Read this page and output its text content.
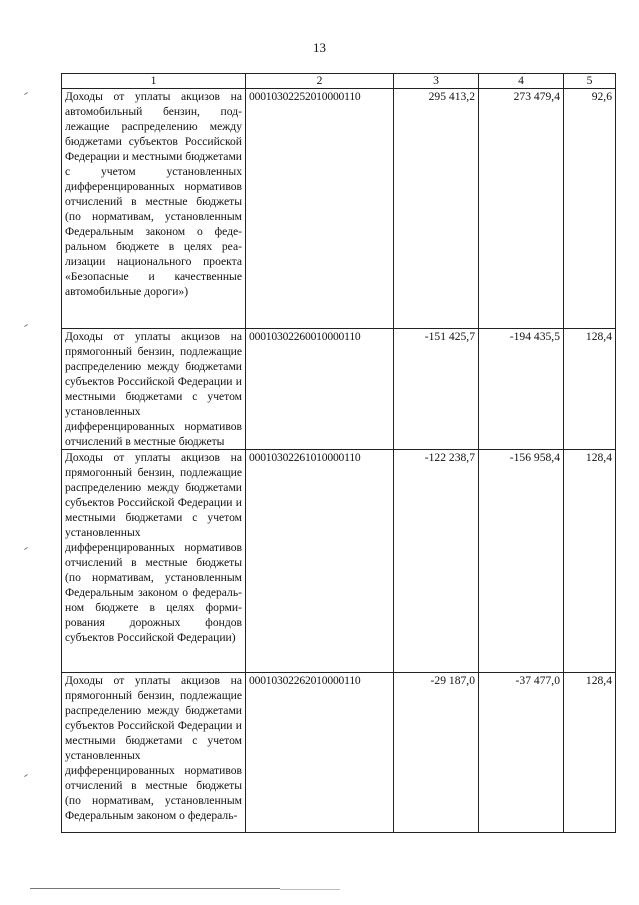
13
1	2	3	4	5
Доходы от уплаты акцизов на автомобильный бензин, подлежащие распределению между бюджетами субъектов Российской Федерации и местными бюджетами с учетом установленных дифференцированных нормативов отчислений в местные бюджеты (по нормативам, установленным Федеральным законом о федеральном бюджете в целях реализации национального проекта «Безопасные и качественные автомобильные дороги»)	00010302252010000110	295 413,2	273 479,4	92,6
Доходы от уплаты акцизов на прямогонный бензин, подлежащие распределению между бюджетами субъектов Российской Федерации и местными бюджетами с учетом установленных дифференцированных нормативов отчислений в местные бюджеты	00010302260010000110	-151 425,7	-194 435,5	128,4
Доходы от уплаты акцизов на прямогонный бензин, подлежащие распределению между бюджетами субъектов Российской Федерации и местными бюджетами с учетом установленных дифференцированных нормативов отчислений в местные бюджеты (по нормативам, установленным Федеральным законом о федеральном бюджете в целях формирования дорожных фондов субъектов Российской Федерации)	00010302261010000110	-122 238,7	-156 958,4	128,4
Доходы от уплаты акцизов на прямогонный бензин, подлежащие распределению между бюджетами субъектов Российской Федерации и местными бюджетами с учетом установленных дифференцированных нормативов отчислений в местные бюджеты (по нормативам, установленным Федеральным законом о федераль-	00010302262010000110	-29 187,0	-37 477,0	128,4
